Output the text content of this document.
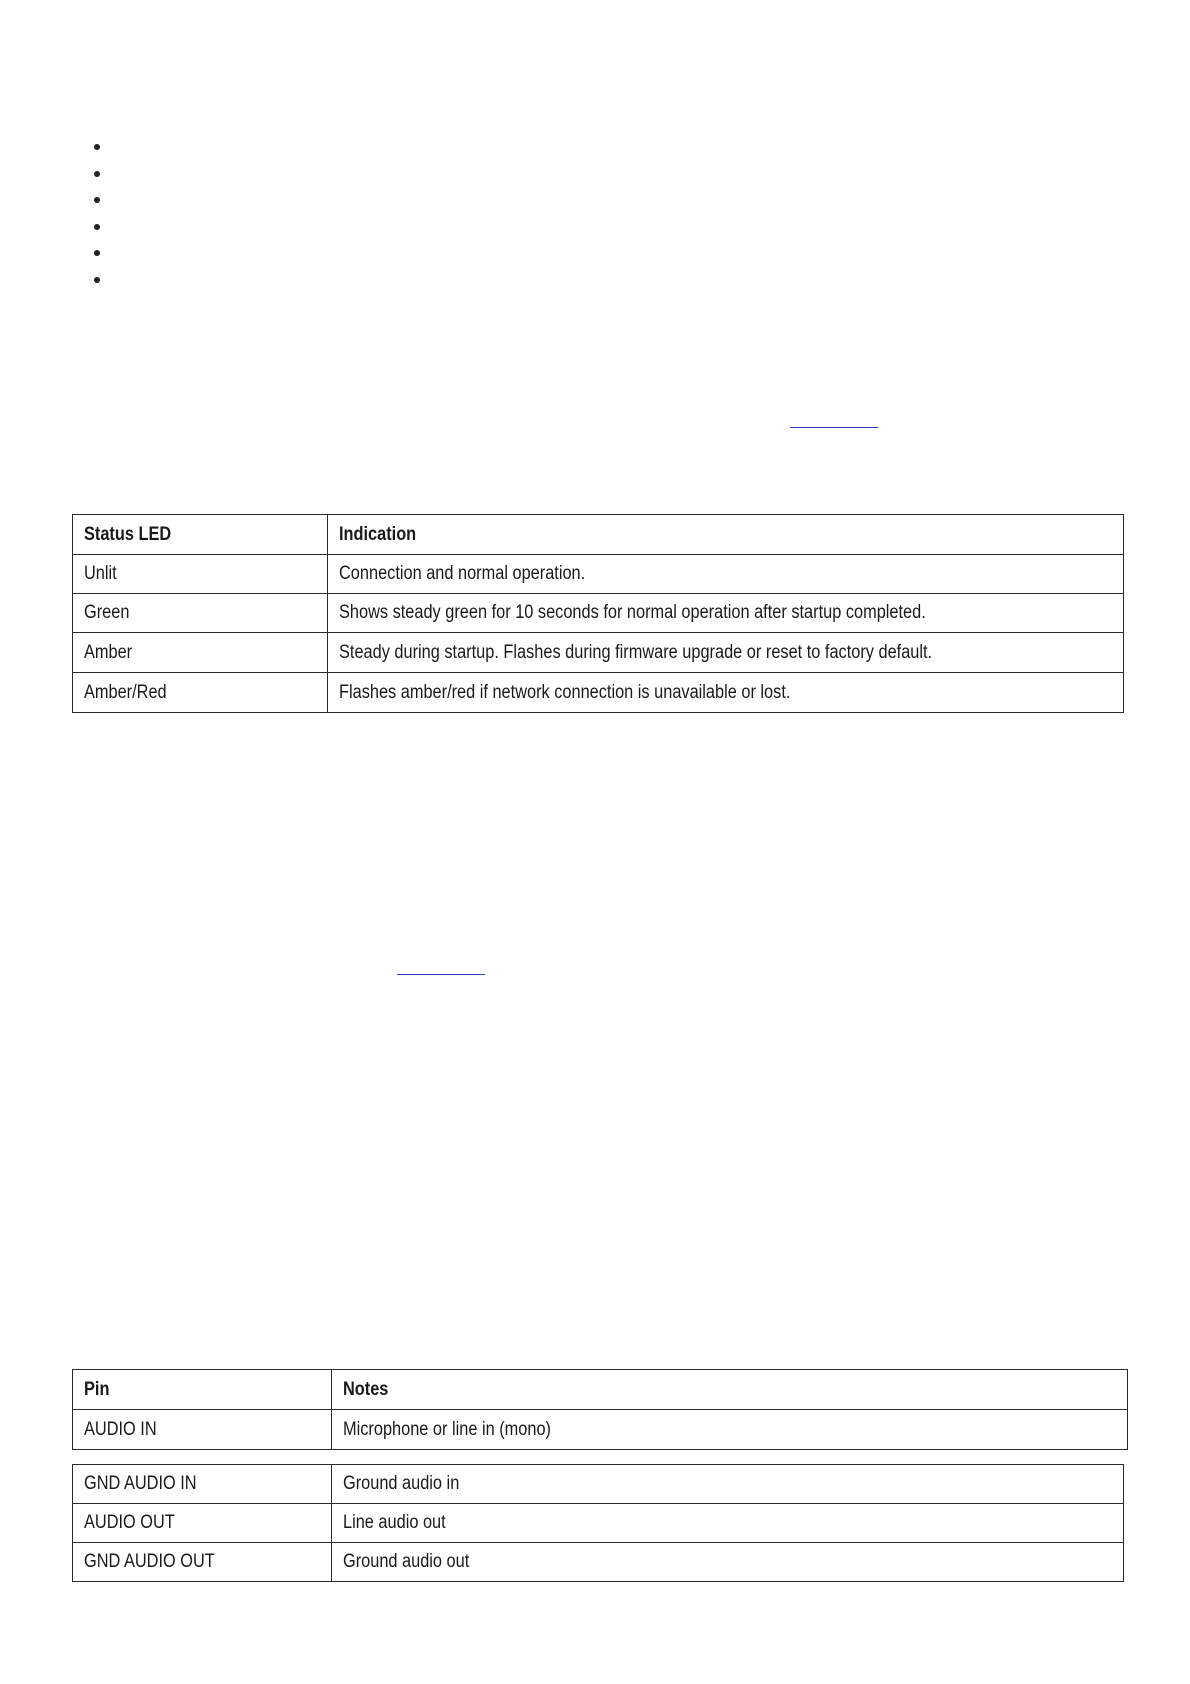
Status LED	Indication
Unlit	Connection and normal operation.
Green	Shows steady green for 10 seconds for normal operation after startup completed.
Amber	Steady during startup. Flashes during firmware upgrade or reset to factory default.
Amber/Red	Flashes amber/red if network connection is unavailable or lost.
Pin	Notes
AUDIO IN	Microphone or line in (mono)
GND AUDIO IN	Ground audio in
AUDIO OUT	Line audio out
GND AUDIO OUT	Ground audio out
